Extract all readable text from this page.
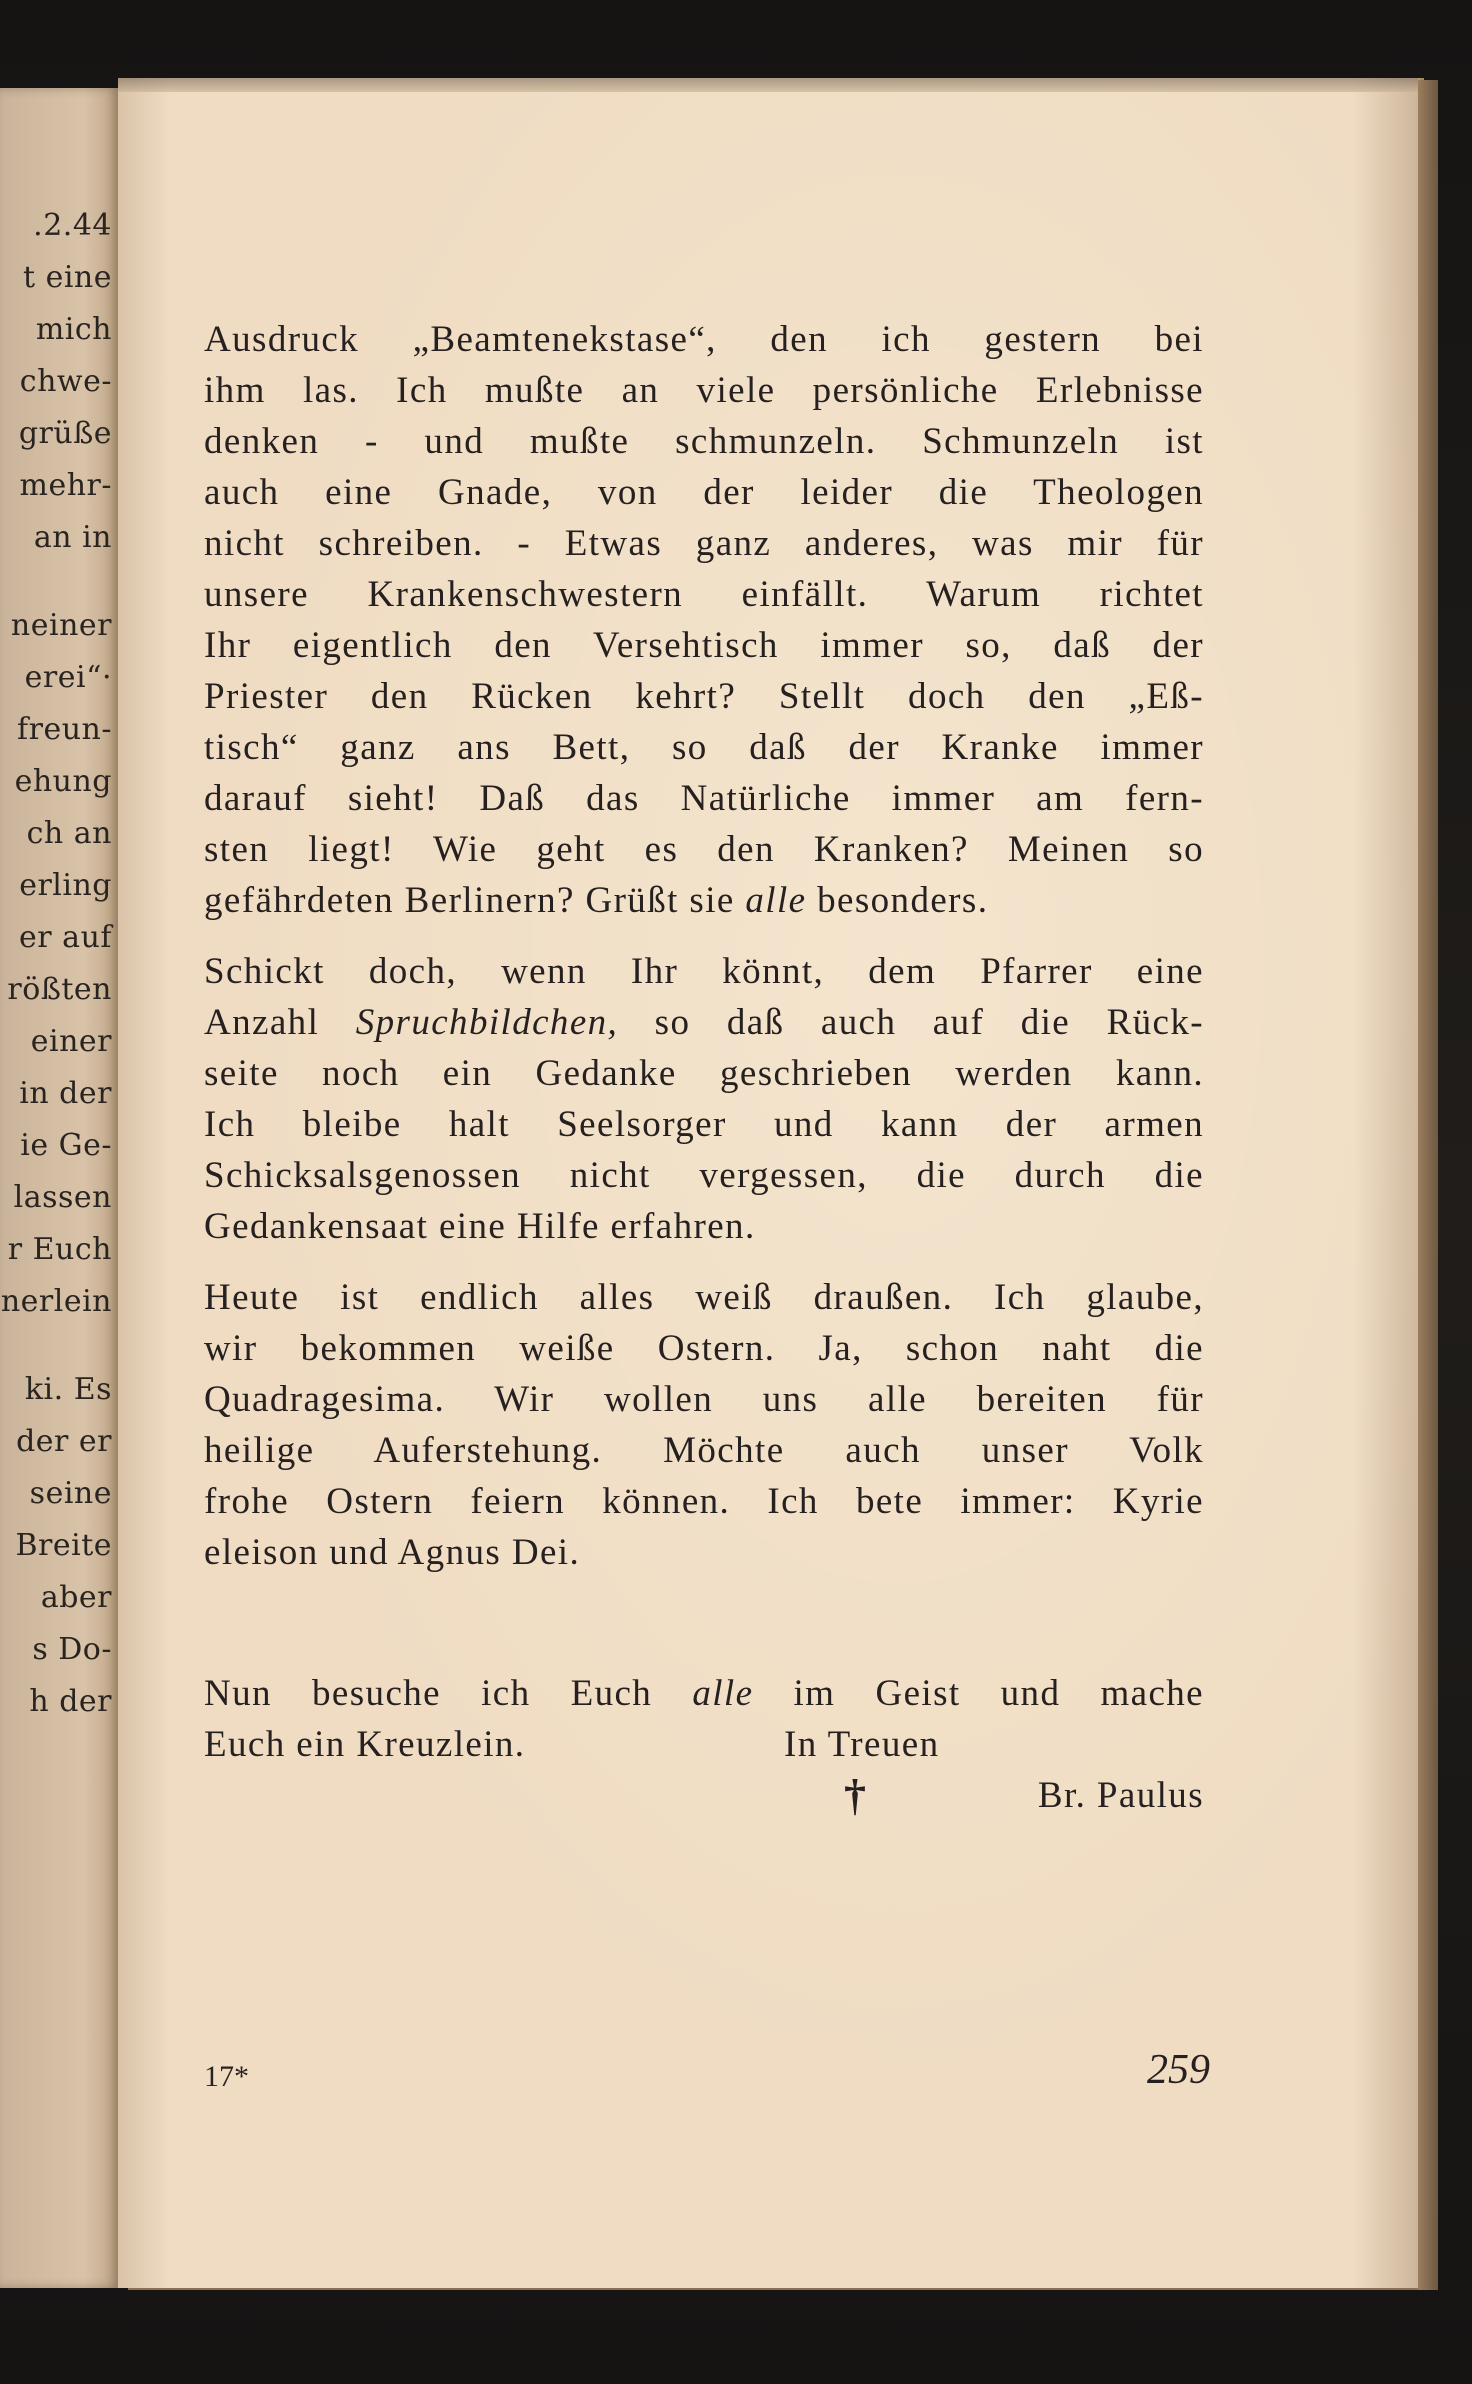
.2.44
t eine
mich
chwe-
grüße
mehr-
an in
neiner
erei“·
freun-
ehung
ch an
erling
er auf
rößten
einer
in der
ie Ge-
lassen
r Euch
nerlein
ki. Es
der er
seine
Breite
aber
s Do-
h der
Ausdruck „Beamtenekstase“, den ich gestern bei
ihm las. Ich mußte an viele persönliche Erlebnisse
denken - und mußte schmunzeln. Schmunzeln ist
auch eine Gnade, von der leider die Theologen
nicht schreiben. - Etwas ganz anderes, was mir für
unsere Krankenschwestern einfällt. Warum richtet
Ihr eigentlich den Versehtisch immer so, daß der
Priester den Rücken kehrt? Stellt doch den „Eß-
tisch“ ganz ans Bett, so daß der Kranke immer
darauf sieht! Daß das Natürliche immer am fern-
sten liegt! Wie geht es den Kranken? Meinen so
gefährdeten Berlinern? Grüßt sie alle besonders.
Schickt doch, wenn Ihr könnt, dem Pfarrer eine
Anzahl Spruchbildchen, so daß auch auf die Rück-
seite noch ein Gedanke geschrieben werden kann.
Ich bleibe halt Seelsorger und kann der armen
Schicksalsgenossen nicht vergessen, die durch die
Gedankensaat eine Hilfe erfahren.
Heute ist endlich alles weiß draußen. Ich glaube,
wir bekommen weiße Ostern. Ja, schon naht die
Quadragesima. Wir wollen uns alle bereiten für
heilige Auferstehung. Möchte auch unser Volk
frohe Ostern feiern können. Ich bete immer: Kyrie
eleison und Agnus Dei.
Nun besuche ich Euch alle im Geist und mache
Euch ein Kreuzlein.	In Treuen
†	Br. Paulus
17*	259
